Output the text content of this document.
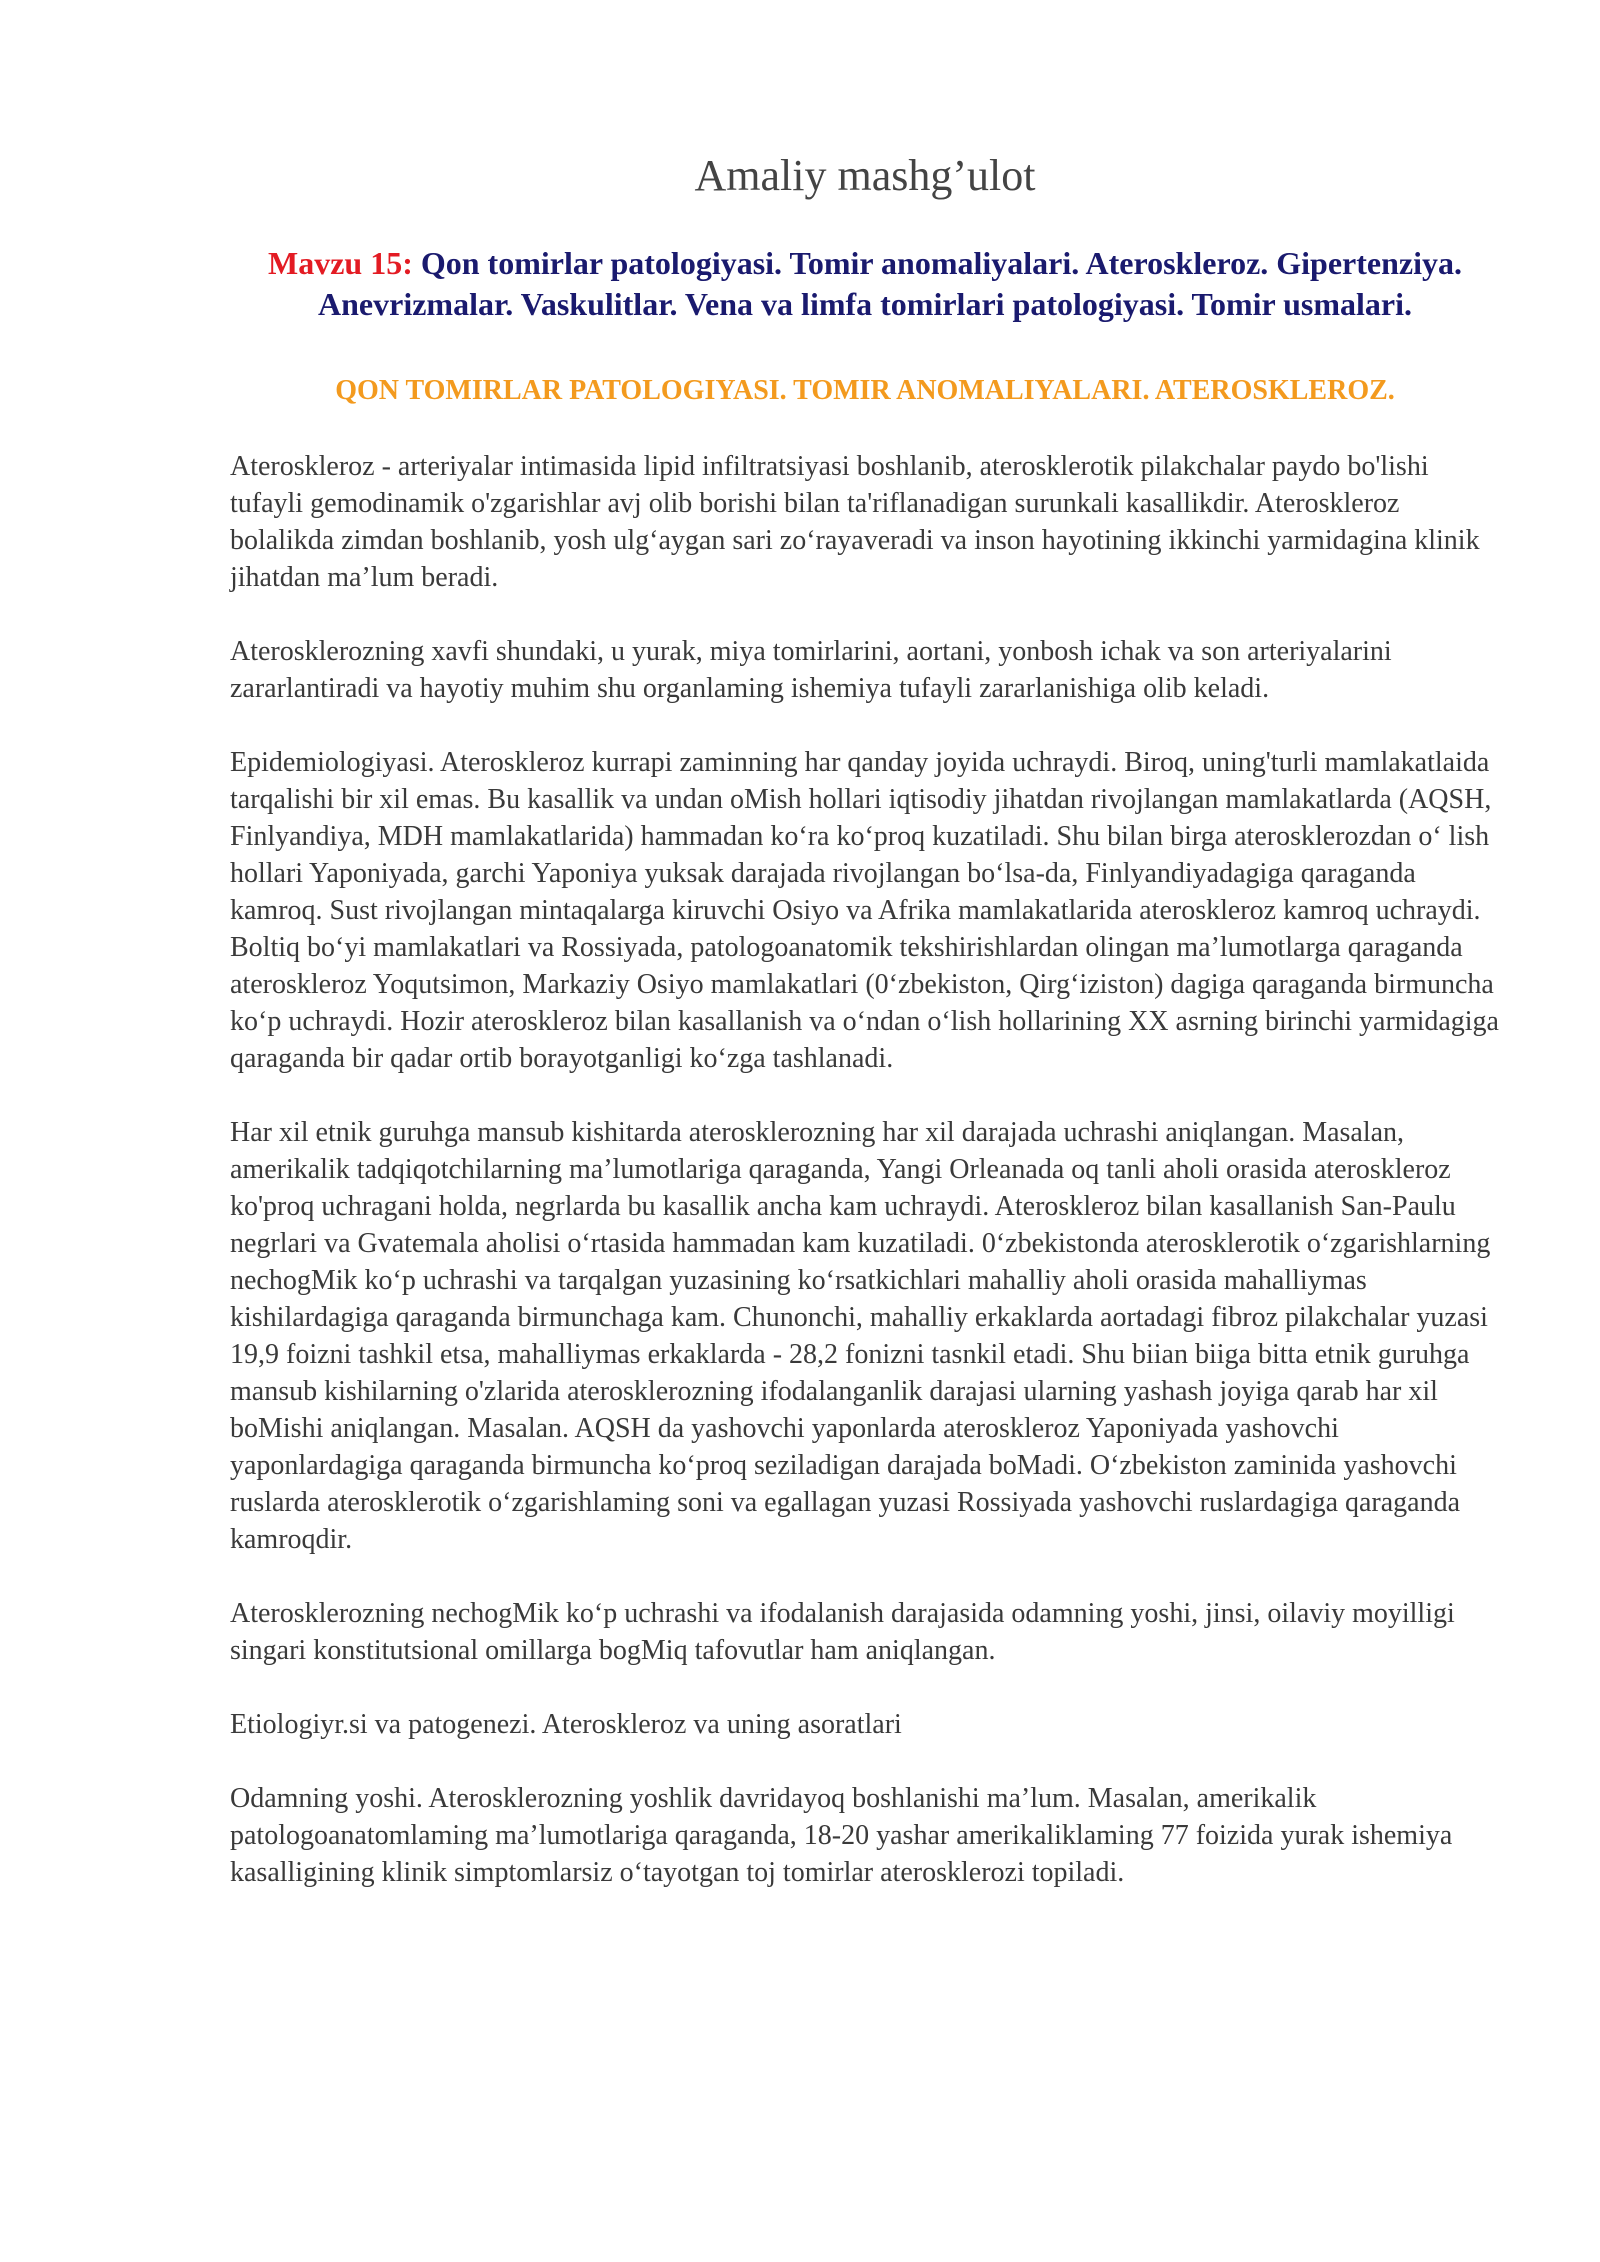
Amaliy mashg’ulot
Mavzu 15: Qon tomirlar patologiyasi. Tomir anomaliyalari. Ateroskleroz. Gipertenziya. Anevrizmalar. Vaskulitlar. Vena va limfa tomirlari patologiyasi. Tomir usmalari.
QON TOMIRLAR PATOLOGIYASI. TOMIR ANOMALIYALARI. ATEROSKLEROZ.

Ateroskleroz - arteriyalar intimasida lipid infiltratsiyasi boshlanib, aterosklerotik pilakchalar paydo bo'lishi tufayli gemodinamik o'zgarishlar avj olib borishi bilan ta'riflanadigan surunkali kasallikdir. Ateroskleroz bolalikda zimdan boshlanib, yosh ulg‘aygan sari zo‘rayaveradi va inson hayotining ikkinchi yarmidagina klinik jihatdan ma’lum beradi.

Aterosklerozning xavfi shundaki, u yurak, miya tomirlarini, aortani, yonbosh ichak va son arteriyalarini zararlantiradi va hayotiy muhim shu organlaming ishemiya tufayli zararlanishiga olib keladi.

Epidemiologiyasi. Ateroskleroz kurrapi zaminning har qanday joyida uchraydi. Biroq, uning'turli mamlakatlaida tarqalishi bir xil emas. Bu kasallik va undan oMish hollari iqtisodiy jihatdan rivojlangan mamlakatlarda (AQSH, Finlyandiya, MDH mamlakatlarida) hammadan ko‘ra ko‘proq kuzatiladi. Shu bilan birga aterosklerozdan o‘ lish hollari Yaponiyada, garchi Yaponiya yuksak darajada rivojlangan bo‘lsa-da, Finlyandiyadagiga qaraganda kamroq. Sust rivojlangan mintaqalarga kiruvchi Osiyo va Afrika mamlakatlarida ateroskleroz kamroq uchraydi. Boltiq bo‘yi mamlakatlari va Rossiyada, patologoanatomik tekshirishlardan olingan ma’lumotlarga qaraganda ateroskleroz Yoqutsimon, Markaziy Osiyo mamlakatlari (0‘zbekiston, Qirg‘iziston) dagiga qaraganda birmuncha ko‘p uchraydi. Hozir ateroskleroz bilan kasallanish va o‘ndan o‘lish hollarining XX asrning birinchi yarmidagiga qaraganda bir qadar ortib borayotganligi ko‘zga tashlanadi.

Har xil etnik guruhga mansub kishitarda aterosklerozning har xil darajada uchrashi aniqlangan. Masalan, amerikalik tadqiqotchilarning ma’lumotlariga qaraganda, Yangi Orleanada oq tanli aholi orasida ateroskleroz ko'proq uchragani holda, negrlarda bu kasallik ancha kam uchraydi. Ateroskleroz bilan kasallanish San-Paulu negrlari va Gvatemala aholisi o‘rtasida hammadan kam kuzatiladi. 0‘zbekistonda aterosklerotik o‘zgarishlarning nechogMik ko‘p uchrashi va tarqalgan yuzasining ko‘rsatkichlari mahalliy aholi orasida mahalliymas kishilardagiga qaraganda birmunchaga kam. Chunonchi, mahalliy erkaklarda aortadagi fibroz pilakchalar yuzasi 19,9 foizni tashkil etsa, mahalliymas erkaklarda - 28,2 fonizni tasnkil etadi. Shu biian biiga bitta etnik guruhga mansub kishilarning o'zlarida aterosklerozning ifodalanganlik darajasi ularning yashash joyiga qarab har xil boMishi aniqlangan. Masalan. AQSH da yashovchi yaponlarda ateroskleroz Yaponiyada yashovchi yaponlardagiga qaraganda birmuncha ko‘proq seziladigan darajada boMadi. O‘zbekiston zaminida yashovchi ruslarda aterosklerotik o‘zgarishlaming soni va egallagan yuzasi Rossiyada yashovchi ruslardagiga qaraganda kamroqdir.

Aterosklerozning nechogMik ko‘p uchrashi va ifodalanish darajasida odamning yoshi, jinsi, oilaviy moyilligi singari konstitutsional omillarga bogMiq tafovutlar ham aniqlangan.

Etiologiyr.si va patogenezi. Ateroskleroz va uning asoratlari

Odamning yoshi. Aterosklerozning yoshlik davridayoq boshlanishi ma’lum. Masalan, amerikalik patologoanatomlaming ma’lumotlariga qaraganda, 18-20 yashar amerikaliklaming 77 foizida yurak ishemiya kasalligining klinik simptomlarsiz o‘tayotgan toj tomirlar aterosklerozi topiladi.
